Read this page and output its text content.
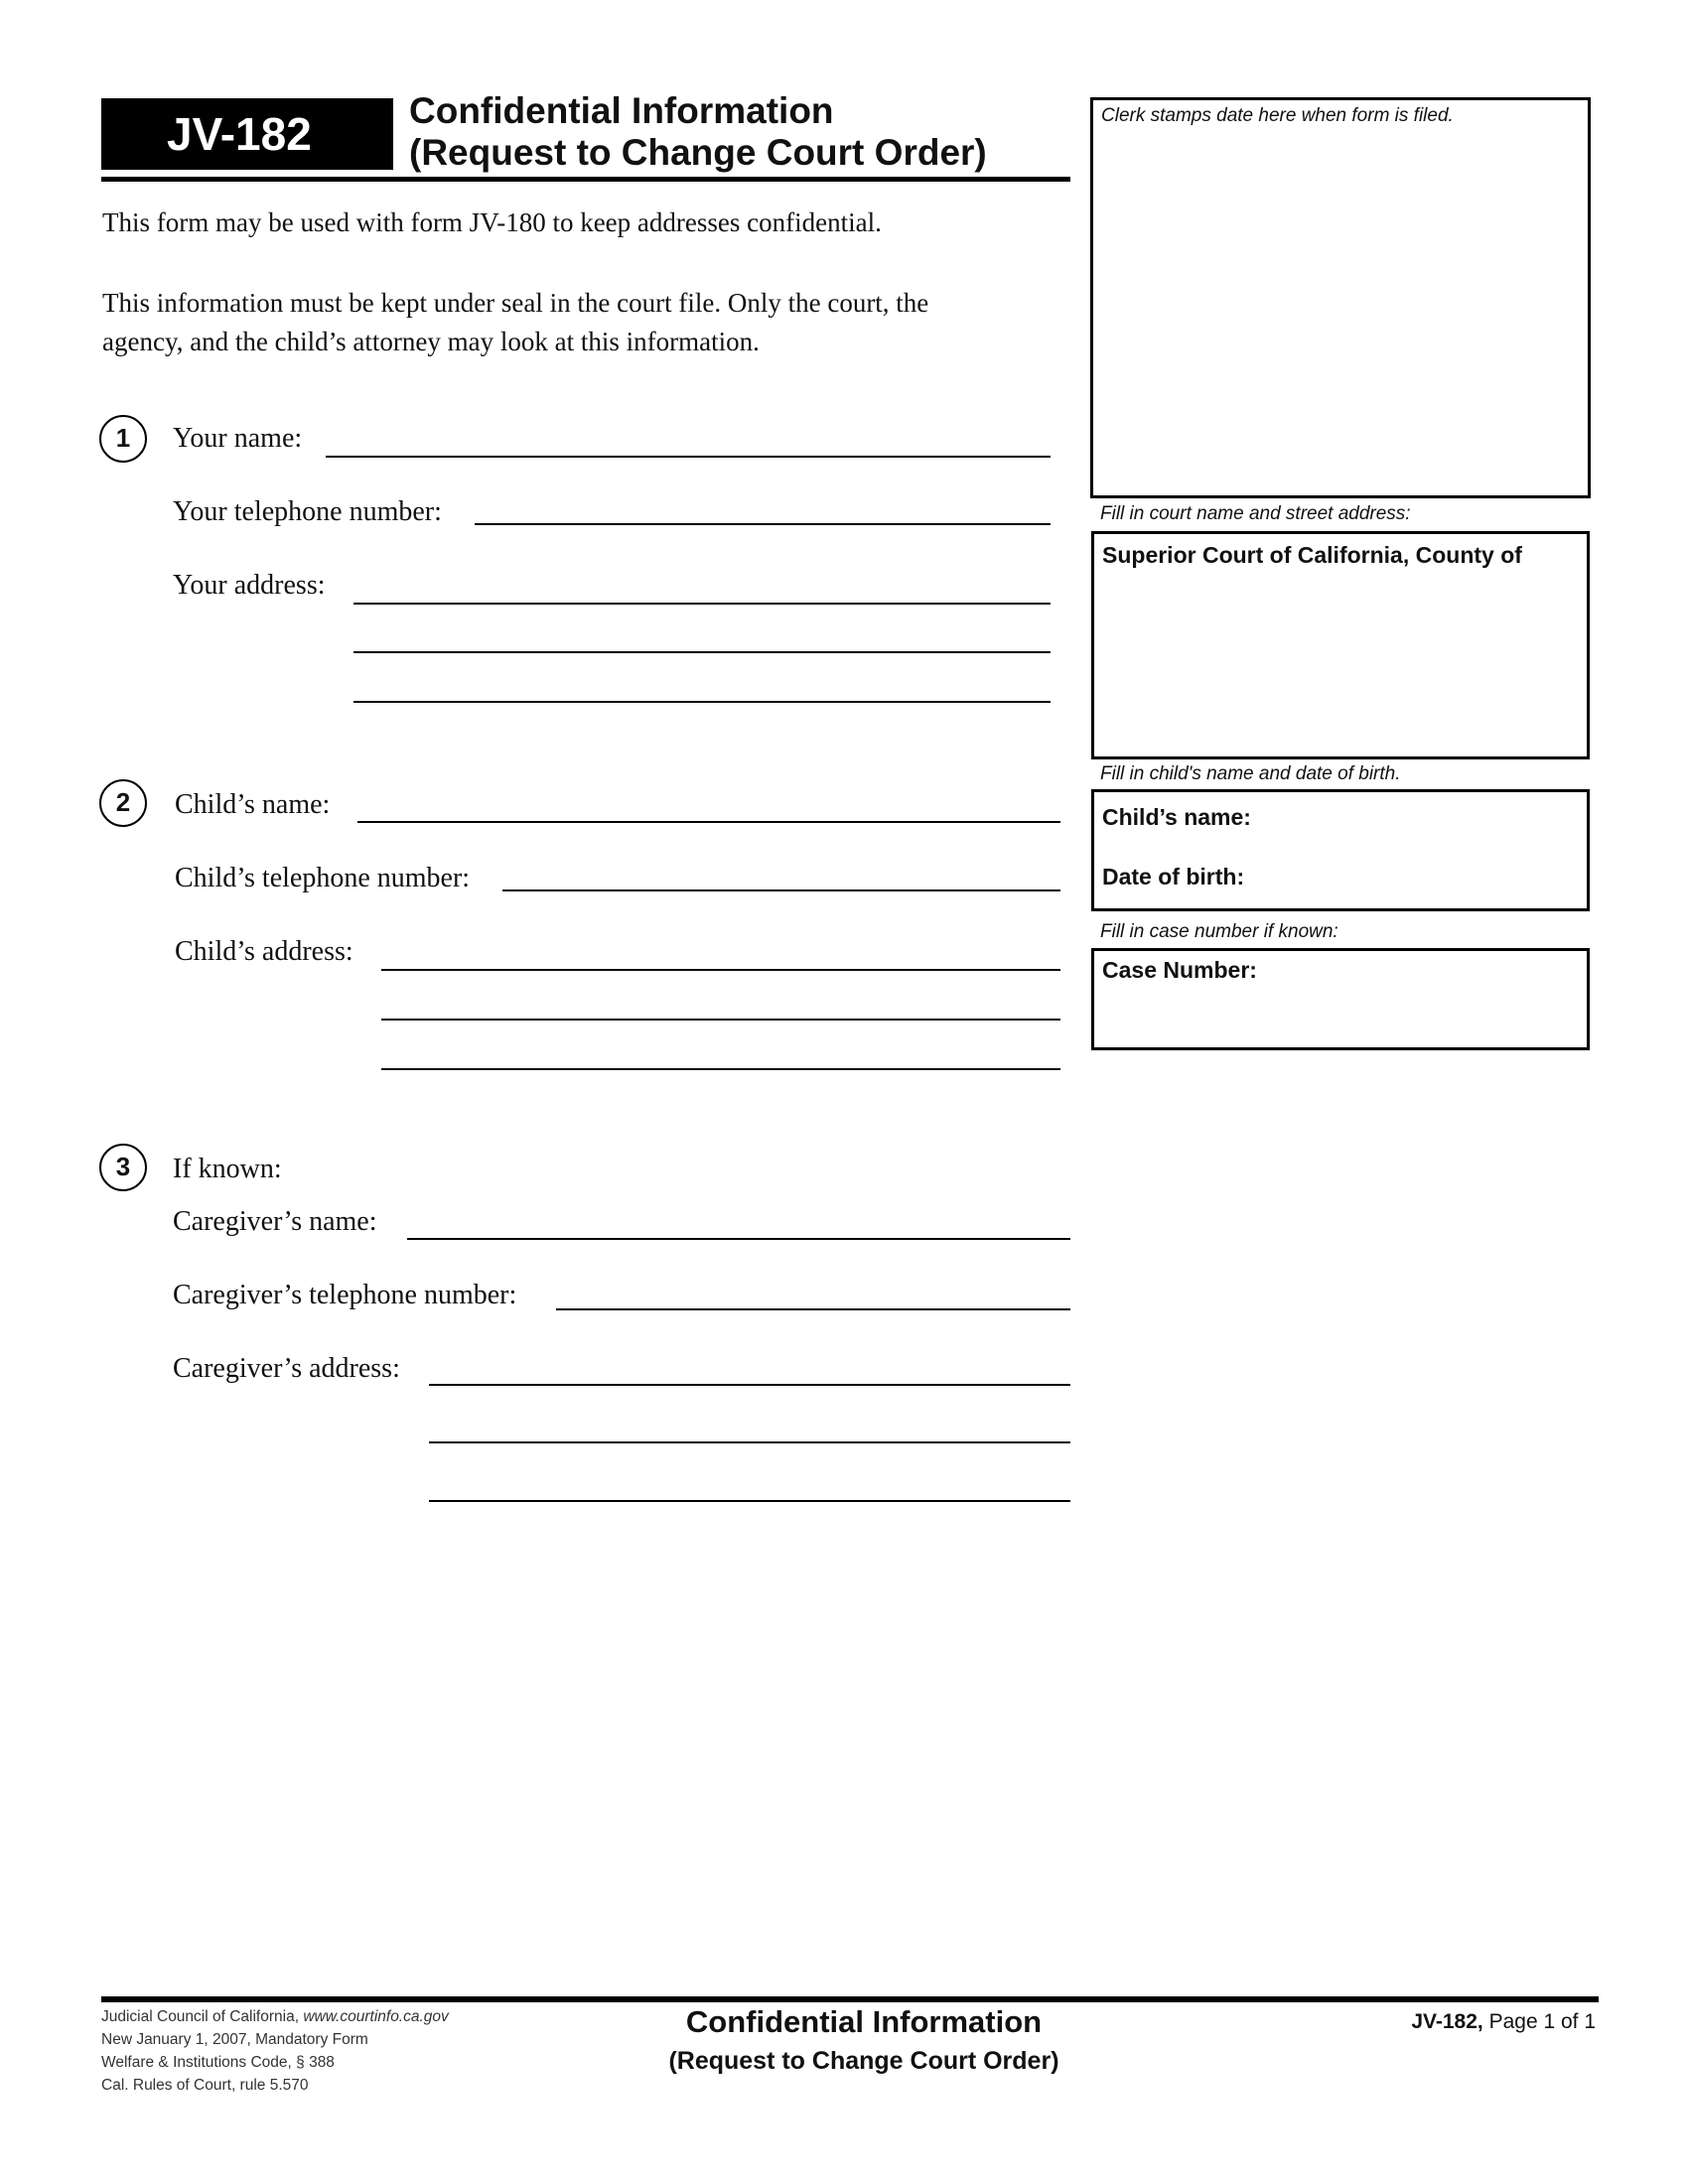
JV-182	Confidential Information
(Request to Change Court Order)
This form may be used with form JV-180 to keep addresses confidential.
This information must be kept under seal in the court file. Only the court, the
agency, and the child’s attorney may look at this information.
1	Your name:
Your telephone number:
Your address:
2	Child’s name:
Child’s telephone number:
Child’s address:
3	If known:
Caregiver’s name:
Caregiver’s telephone number:
Caregiver’s address:
Clerk stamps date here when form is filed.
Fill in court name and street address:
Superior Court of California, County of
Fill in child's name and date of birth.
Child’s name:
Date of birth:
Fill in case number if known:
Case Number:
Judicial Council of California, www.courtinfo.ca.gov
New January 1, 2007, Mandatory Form
Welfare & Institutions Code, § 388
Cal. Rules of Court, rule 5.570
Confidential Information
(Request to Change Court Order)
JV-182, Page 1 of 1
